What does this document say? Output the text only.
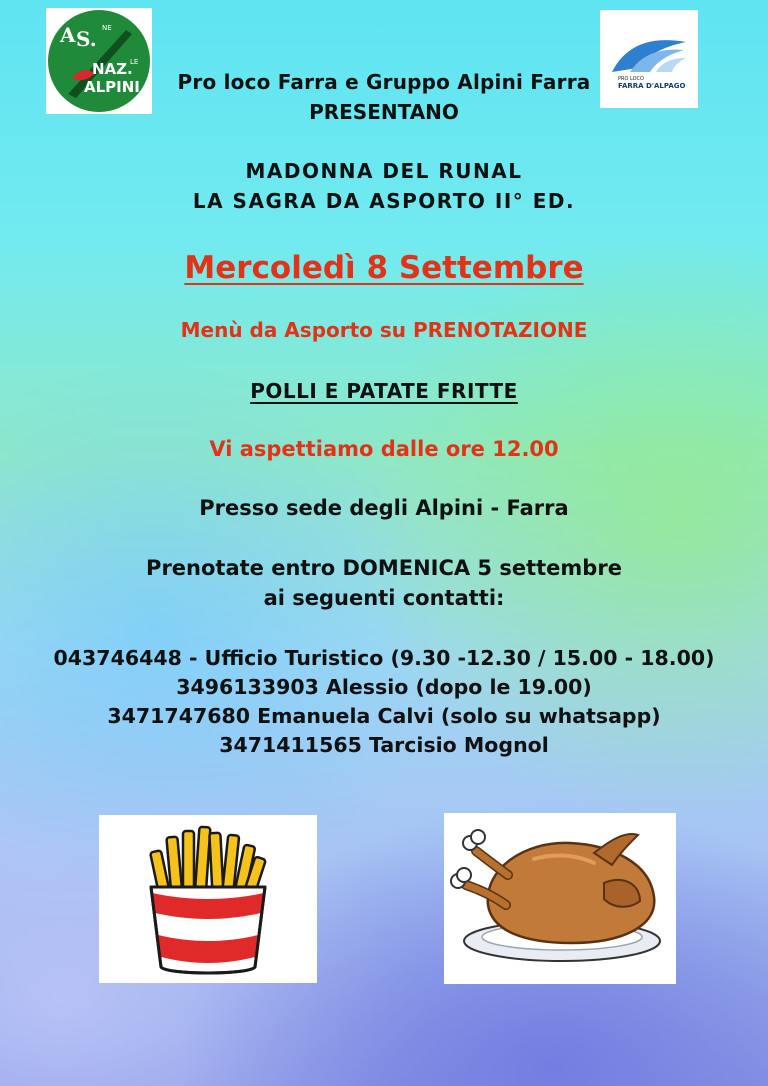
A S. NE
NAZ.
LE
ALPINI	PRO LOCO
FARRA D'ALPAGO
Pro loco Farra e Gruppo Alpini Farra
PRESENTANO
MADONNA DEL RUNAL
LA SAGRA DA ASPORTO II° ED.
Mercoledì 8 Settembre
Menù da Asporto su PRENOTAZIONE
POLLI E PATATE FRITTE
Vi aspettiamo dalle ore 12.00
Presso sede degli Alpini - Farra
Prenotate entro DOMENICA 5 settembre
ai seguenti contatti:
043746448 - Ufficio Turistico (9.30 -12.30 / 15.00 - 18.00)
3496133903 Alessio (dopo le 19.00)
3471747680 Emanuela Calvi (solo su whatsapp)
3471411565 Tarcisio Mognol
